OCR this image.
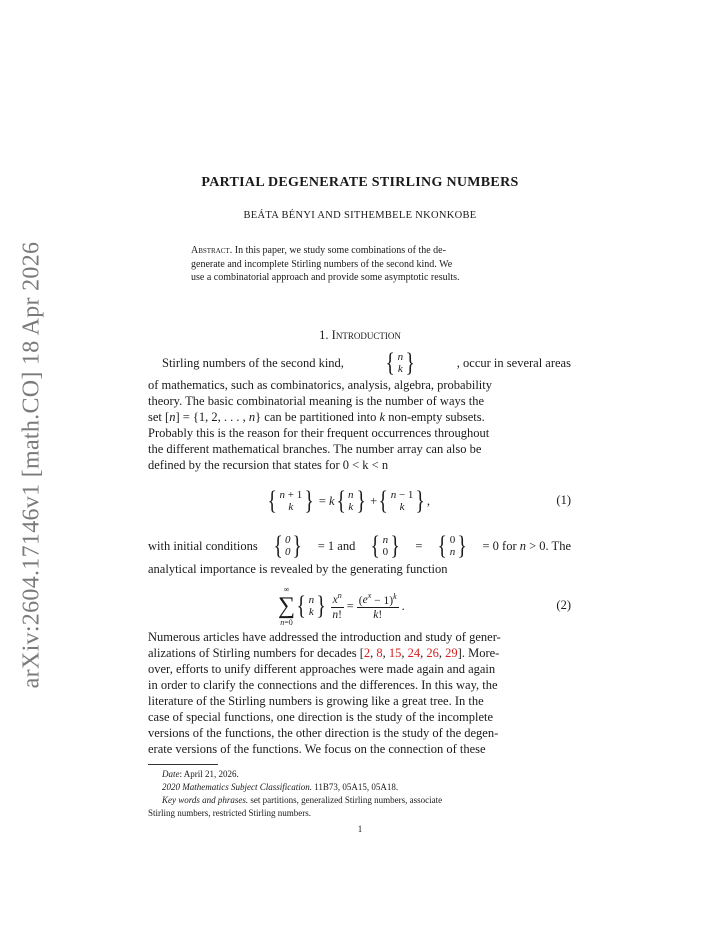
arXiv:2604.17146v1 [math.CO] 18 Apr 2026
PARTIAL DEGENERATE STIRLING NUMBERS
BEÁTA BÉNYI AND SITHEMBELE NKONKOBE
Abstract. In this paper, we study some combinations of the de-
generate and incomplete Stirling numbers of the second kind. We
use a combinatorial approach and provide some asymptotic results.
1. Introduction
Stirling numbers of the second kind, { n
k }	, occur in several areas
of mathematics, such as combinatorics, analysis, algebra, probability
theory. The basic combinatorial meaning is the number of ways the
set [n] = {1, 2, . . . , n} can be partitioned into k non-empty subsets.
Probably this is the reason for their frequent occurrences throughout
the different mathematical branches. The number array can also be
defined by the recursion that states for 0 < k < n
{ n + 1
k } = k { n
k } + { n − 1
k } ,	(1)
with initial conditions { 0
0 } = 1 and { n
0 } = { 0
n } = 0 for n > 0. The
analytical importance is revealed by the generating function
∞
∑
n=0
{ n
k } $\frac{x^n}{n!} = \frac{(e^x - 1)^k}{k!}$ .	(2)
Numerous articles have addressed the introduction and study of gener-
alizations of Stirling numbers for decades [2, 8, 15, 24, 26, 29]. More-
over, efforts to unify different approaches were made again and again
in order to clarify the connections and the differences. In this way, the
literature of the Stirling numbers is growing like a great tree. In the
case of special functions, one direction is the study of the incomplete
versions of the functions, the other direction is the study of the degen-
erate versions of the functions. We focus on the connection of these
Date: April 21, 2026.
2020 Mathematics Subject Classification. 11B73, 05A15, 05A18.
Key words and phrases. set partitions, generalized Stirling numbers, associate
Stirling numbers, restricted Stirling numbers.
1
